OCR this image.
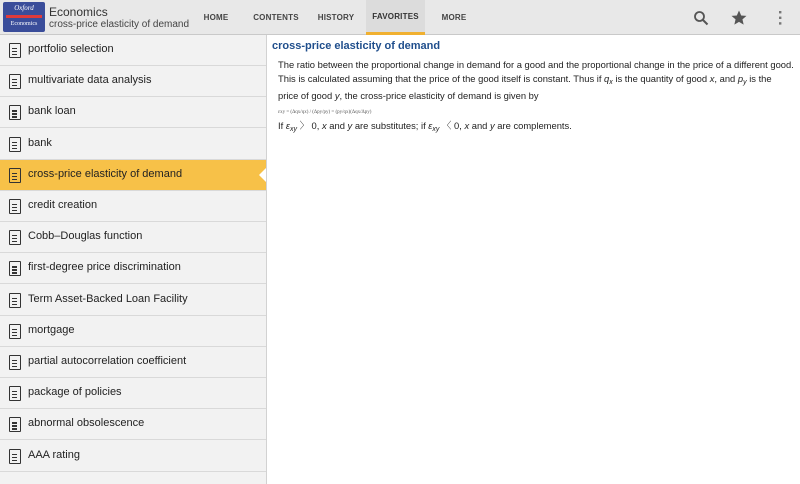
Oxford
Economics
Economics
cross-price elasticity of demand
HOME	CONTENTS	HISTORY	FAVORITES	MORE
portfolio selection
multivariate data analysis
bank loan
bank
cross-price elasticity of demand
credit creation
Cobb–Douglas function
first-degree price discrimination
Term Asset-Backed Loan Facility
mortgage
partial autocorrelation coefficient
package of policies
abnormal obsolescence
AAA rating
cross-price elasticity of demand
The ratio between the proportional change in demand for a good and the proportional change in the price of a different good. This is calculated assuming that the price of the good itself is constant. Thus if $q_x$ is the quantity of good x, and $p_y$ is the price of good y, the cross-price elasticity of demand is given by
εxy = (Δqx/qx) / (Δpy/py) = (py/qx)(Δqx/Δpy)
If $\varepsilon_{xy}$ 〉 0, x and y are substitutes; if $\varepsilon_{xy}$ 〈 0, x and y are complements.
